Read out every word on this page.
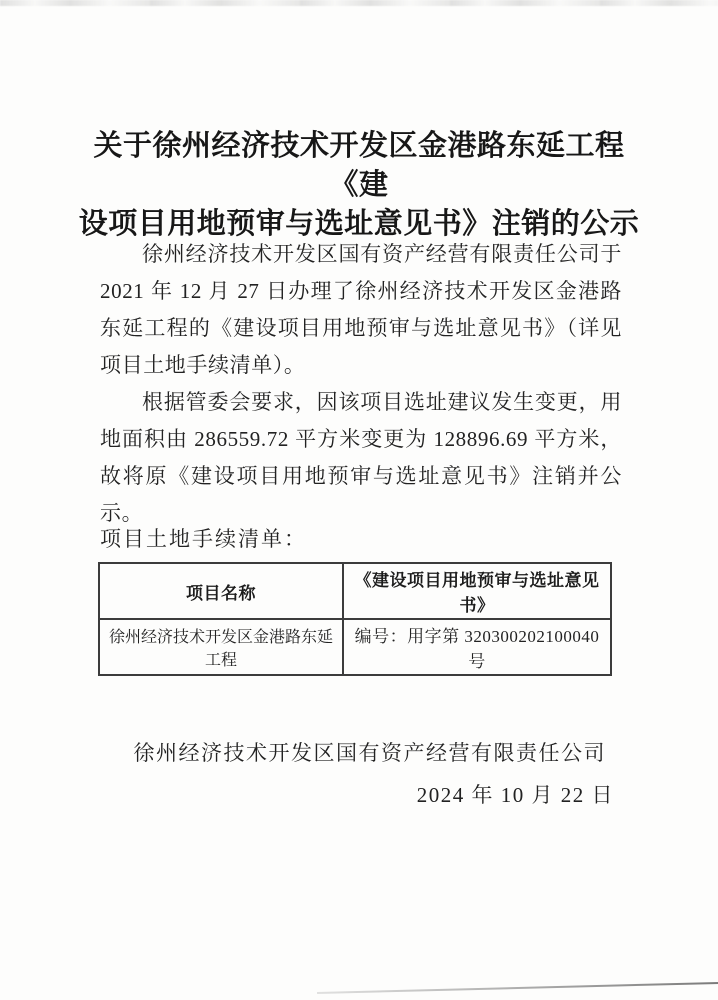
关于徐州经济技术开发区金港路东延工程《建
设项目用地预审与选址意见书》注销的公示

徐州经济技术开发区国有资产经营有限责任公司于 2021 年 12 月 27 日办理了徐州经济技术开发区金港路东延工程的《建设项目用地预审与选址意见书》（详见项目土地手续清单）。

根据管委会要求，因该项目选址建议发生变更，用地面积由 286559.72 平方米变更为 128896.69 平方米，故将原《建设项目用地预审与选址意见书》注销并公示。

项目土地手续清单：
项目名称	《建设项目用地预审与选址意见书》
徐州经济技术开发区金港路东延工程	编号：用字第 320300202100040 号
徐州经济技术开发区国有资产经营有限责任公司
2024 年 10 月 22 日
